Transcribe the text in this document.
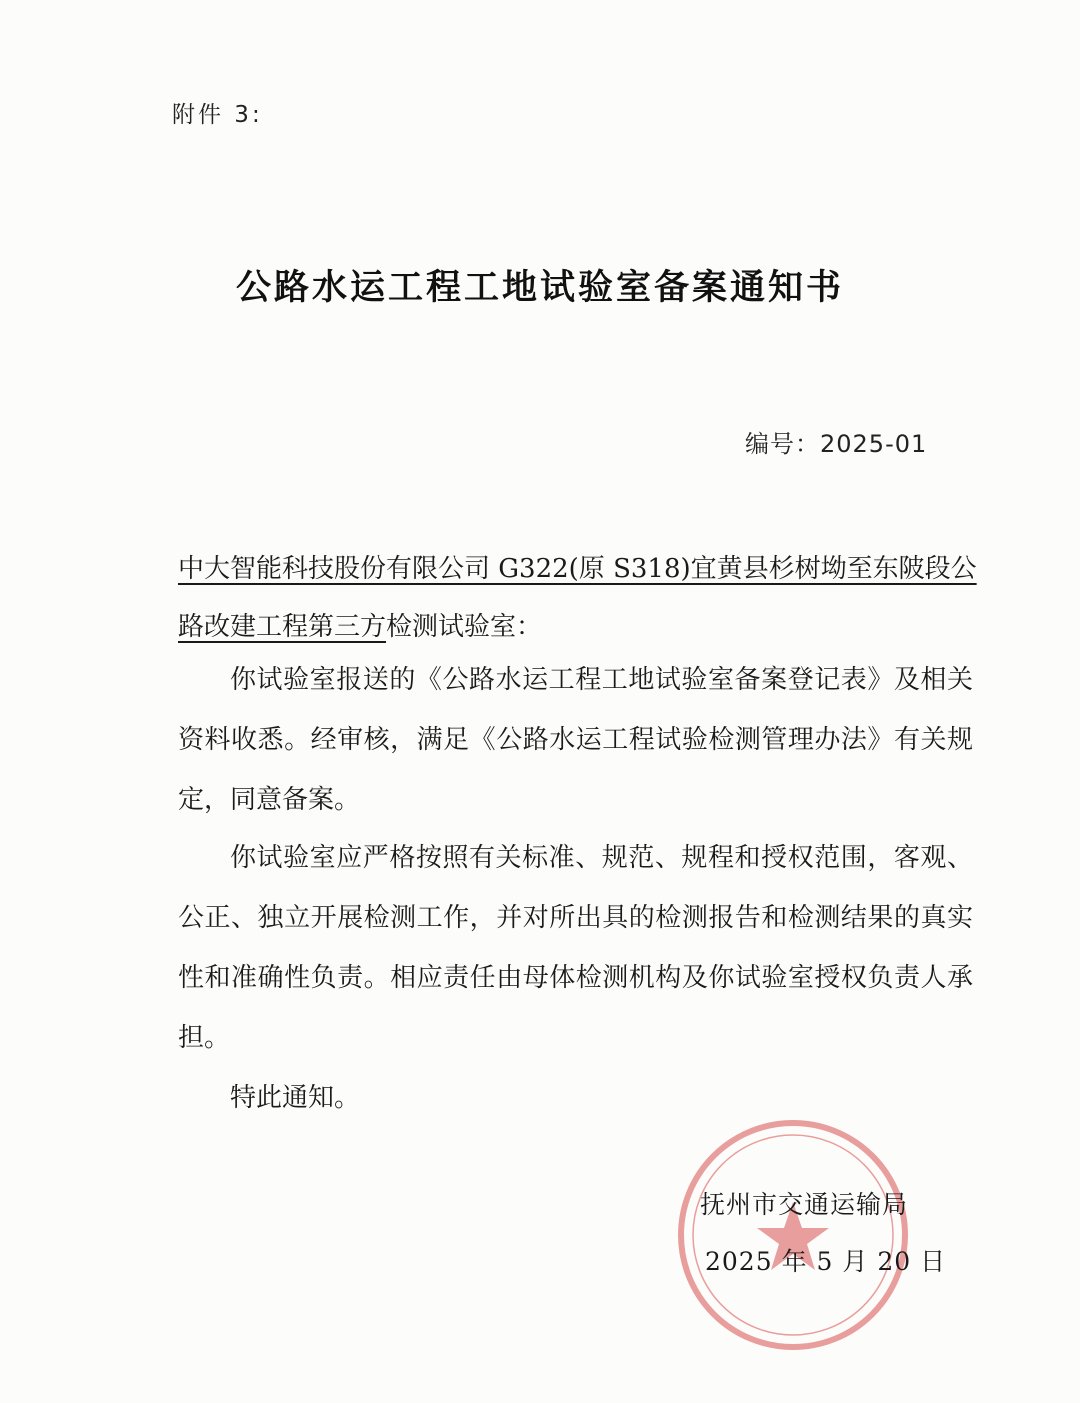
附件 3:
公路水运工程工地试验室备案通知书
编号：2025-01
中大智能科技股份有限公司 G322(原 S318)宜黄县杉树坳至东陂段公路改建工程第三方检测试验室：

你试验室报送的《公路水运工程工地试验室备案登记表》及相关资料收悉。经审核，满足《公路水运工程试验检测管理办法》有关规定，同意备案。

你试验室应严格按照有关标准、规范、规程和授权范围，客观、公正、独立开展检测工作，并对所出具的检测报告和检测结果的真实性和准确性负责。相应责任由母体检测机构及你试验室授权负责人承担。

特此通知。

抚州市交通运输局
2025 年 5 月 20 日
